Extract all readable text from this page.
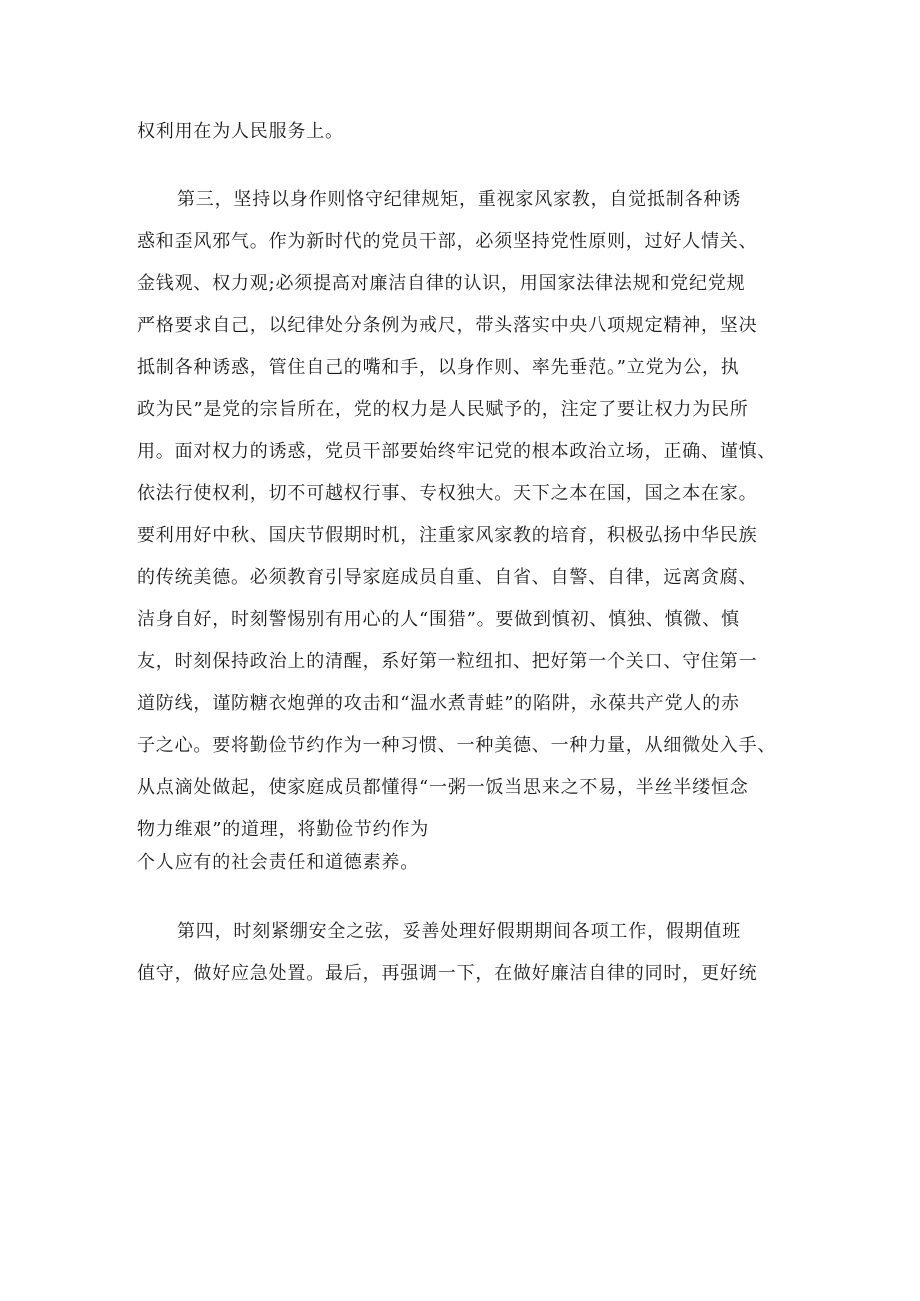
权利用在为人民服务上。
第三，坚持以身作则恪守纪律规矩，重视家风家教，自觉抵制各种诱
惑和歪风邪气。作为新时代的党员干部，必须坚持党性原则，过好人情关、
金钱观、权力观;必须提高对廉洁自律的认识，用国家法律法规和党纪党规
严格要求自己，以纪律处分条例为戒尺，带头落实中央八项规定精神，坚决
抵制各种诱惑，管住自己的嘴和手，以身作则、率先垂范。”立党为公，执
政为民”是党的宗旨所在，党的权力是人民赋予的，注定了要让权力为民所
用。面对权力的诱惑，党员干部要始终牢记党的根本政治立场，正确、谨慎、
依法行使权利，切不可越权行事、专权独大。天下之本在国，国之本在家。
要利用好中秋、国庆节假期时机，注重家风家教的培育，积极弘扬中华民族
的传统美德。必须教育引导家庭成员自重、自省、自警、自律，远离贪腐、
洁身自好，时刻警惕别有用心的人“围猎”。要做到慎初、慎独、慎微、慎
友，时刻保持政治上的清醒，系好第一粒纽扣、把好第一个关口、守住第一
道防线，谨防糖衣炮弹的攻击和“温水煮青蛙”的陷阱，永葆共产党人的赤
子之心。要将勤俭节约作为一种习惯、一种美德、一种力量，从细微处入手、
从点滴处做起，使家庭成员都懂得“一粥一饭当思来之不易，半丝半缕恒念
物力维艰”的道理，将勤俭节约作为
个人应有的社会责任和道德素养。
第四，时刻紧绷安全之弦，妥善处理好假期期间各项工作，假期值班
值守，做好应急处置。最后，再强调一下，在做好廉洁自律的同时，更好统
